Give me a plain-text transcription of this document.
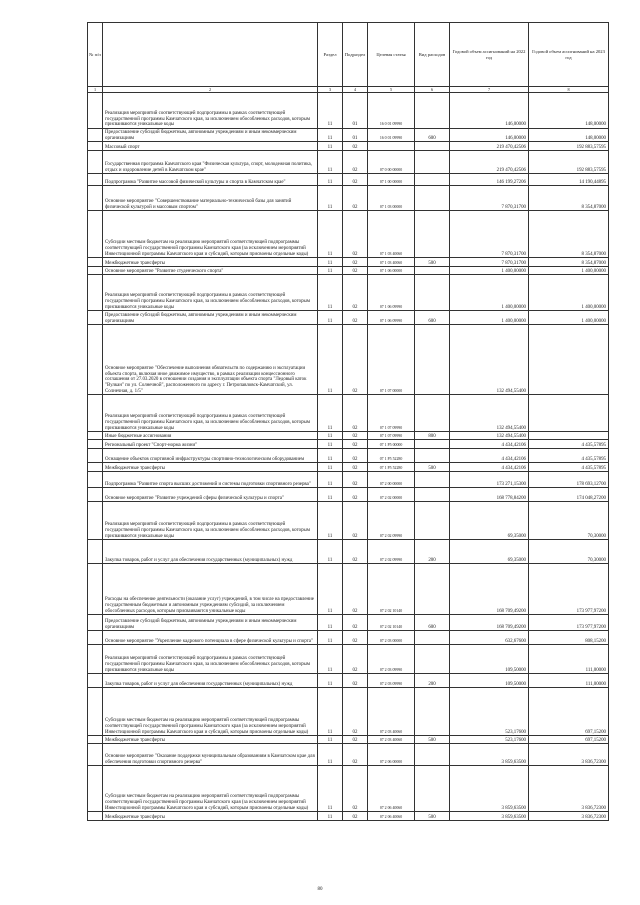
№ п/п		Раздел	Подраздел	Целевая статья	Вид расходов	Годовой объем ассигнований на 2022 год	Годовой объем ассигнований на 2023 год
1	2	3	4	5	6	7	8
	Реализация мероприятий соответствующей подпрограммы в рамках соответствующей государственной программы Камчатского края, за исключением обособленных расходов, которым присваиваются уникальные коды	11	01	16 0 01 09990		146,00000	148,00000
	Предоставление субсидий бюджетным, автономным учреждениям и иным некоммерческим организациям	11	01	16 0 01 09990	600	146,00000	148,00000
	Массовый спорт	11	02			219 470,42506	192 883,57595
	Государственная программа Камчатского края "Физическая культура, спорт, молодежная политика, отдых и оздоровление детей в Камчатском крае"	11	02	07 0 00 00000		219 470,42506	192 883,57595
	Подпрограмма "Развитие массовой физической культуры и спорта в Камчатском крае"	11	02	07 1 00 00000		146 199,27206	14 190,44895
	Основное мероприятие "Совершенствование материально-технической базы для занятий физической культурой и массовым спортом"	11	02	07 1 03 00000		7 870,31700	8 354,87000
	Субсидии местным бюджетам на реализацию мероприятий соответствующей подпрограммы соответствующей государственной программы Камчатского края (за исключением мероприятий Инвестиционной программы Камчатского края и субсидий, которым присвоены отдельные коды)	11	02	07 1 03 40060		7 870,31700	8 354,87000
	Межбюджетные трансферты	11	02	07 1 03 40060	500	7 870,31700	8 354,87000
	Основное мероприятие "Развитие студенческого спорта"	11	02	07 1 06 00000		1 400,00000	1 400,00000
	Реализация мероприятий соответствующей подпрограммы в рамках соответствующей государственной программы Камчатского края, за исключением обособленных расходов, которым присваиваются уникальные коды	11	02	07 1 06 09990		1 400,00000	1 400,00000
	Предоставление субсидий бюджетным, автономным учреждениям и иным некоммерческим организациям	11	02	07 1 06 09990	600	1 400,00000	1 400,00000
	Основное мероприятие "Обеспечение выполнения обязательств по содержанию и эксплуатации объекта спорта, включая иное движимое имущество, в рамках реализации концессионного соглашения от 27.03.2020 в отношении создания и эксплуатации объекта спорта "Ледовый каток "Вулкан" по ул. Солнечной", расположенного по адресу г. Петропавловск-Камчатский, ул. Солнечная, д. 1/5"	11	02	07 1 07 00000		132 494,55400	
	Реализация мероприятий соответствующей подпрограммы в рамках соответствующей государственной программы Камчатского края, за исключением обособленных расходов, которым присваиваются уникальные коды	11	02	07 1 07 09990		132 494,55400	
	Иные бюджетные ассигнования	11	02	07 1 07 09990	800	132 494,55400	
	Региональный проект "Спорт-норма жизни"	11	02	07 1 P5 00000		4 434,42106	4 435,57895
	Оснащение объектов спортивной инфраструктуры спортивно-технологическим оборудованием	11	02	07 1 P5 52280		4 434,42106	4 435,57895
	Межбюджетные трансферты	11	02	07 1 P5 52280	500	4 434,42106	4 435,57895
	Подпрограмма "Развитие спорта высших достижений и системы подготовки спортивного резерва"	11	02	07 2 00 00000		173 271,15300	178 693,12700
	Основное мероприятие "Развитие учреждений сферы физической культуры и спорта"	11	02	07 2 02 00000		168 778,84200	174 048,27200
	Реализация мероприятий соответствующей подпрограммы в рамках соответствующей государственной программы Камчатского края, за исключением обособленных расходов, которым присваиваются уникальные коды	11	02	07 2 02 09990		69,35000	70,30000
	Закупка товаров, работ и услуг для обеспечения государственных (муниципальных) нужд	11	02	07 2 02 09990	200	69,35000	70,30000
	Расходы на обеспечение деятельности (оказание услуг) учреждений, в том числе на предоставление государственным бюджетным и автономным учреждениям субсидий, за исключением обособленных расходов, которым присваиваются уникальные коды	11	02	07 2 02 10140		168 709,49200	173 977,97200
	Предоставление субсидий бюджетным, автономным учреждениям и иным некоммерческим организациям	11	02	07 2 02 10140	600	168 709,49200	173 977,97200
	Основное мероприятие "Укрепление кадрового потенциала в сфере физической культуры и спорта"	11	02	07 2 03 00000		632,67600	808,15200
	Реализация мероприятий соответствующей подпрограммы в рамках соответствующей государственной программы Камчатского края, за исключением обособленных расходов, которым присваиваются уникальные коды	11	02	07 2 03 09990		109,50000	111,00000
	Закупка товаров, работ и услуг для обеспечения государственных (муниципальных) нужд	11	02	07 2 03 09990	200	109,50000	111,00000
	Субсидии местным бюджетам на реализацию мероприятий соответствующей подпрограммы соответствующей государственной программы Камчатского края (за исключением мероприятий Инвестиционной программы Камчатского края и субсидий, которым присвоены отдельные коды)	11	02	07 2 03 40060		523,17600	697,15200
	Межбюджетные трансферты	11	02	07 2 03 40060	500	523,17600	697,15200
	Основное мероприятие "Оказание поддержки муниципальным образованиям в Камчатском крае для обеспечения подготовки спортивного резерва"	11	02	07 2 06 00000		3 859,63500	3 836,72300
	Субсидии местным бюджетам на реализацию мероприятий соответствующей подпрограммы соответствующей государственной программы Камчатского края (за исключением мероприятий Инвестиционной программы Камчатского края и субсидий, которым присвоены отдельные коды)	11	02	07 2 06 40060		3 859,63500	3 836,72300
	Межбюджетные трансферты	11	02	07 2 06 40060	500	3 859,63500	3 836,72300
80
